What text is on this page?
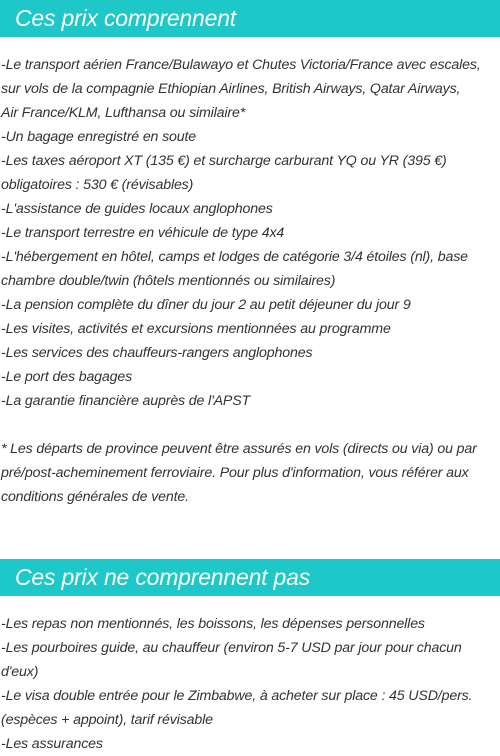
Ces prix comprennent
-Le transport aérien France/Bulawayo et Chutes Victoria/France avec escales,
sur vols de la compagnie Ethiopian Airlines, British Airways, Qatar Airways,
Air France/KLM, Lufthansa ou similaire*
-Un bagage enregistré en soute
-Les taxes aéroport XT (135 €) et surcharge carburant YQ ou YR (395 €)
obligatoires : 530 € (révisables)
-L'assistance de guides locaux anglophones
-Le transport terrestre en véhicule de type 4x4
-L'hébergement en hôtel, camps et lodges de catégorie 3/4 étoiles (nl), base
chambre double/twin (hôtels mentionnés ou similaires)
-La pension complète du dîner du jour 2 au petit déjeuner du jour 9
-Les visites, activités et excursions mentionnées au programme
-Les services des chauffeurs-rangers anglophones
-Le port des bagages
-La garantie financière auprès de l'APST
* Les départs de province peuvent être assurés en vols (directs ou via) ou par
pré/post-acheminement ferroviaire. Pour plus d'information, vous référer aux
conditions générales de vente.
Ces prix ne comprennent pas
-Les repas non mentionnés, les boissons, les dépenses personnelles
-Les pourboires guide, au chauffeur (environ 5-7 USD par jour pour chacun
d'eux)
-Le visa double entrée pour le Zimbabwe, à acheter sur place : 45 USD/pers.
(espèces + appoint), tarif révisable
-Les assurances
